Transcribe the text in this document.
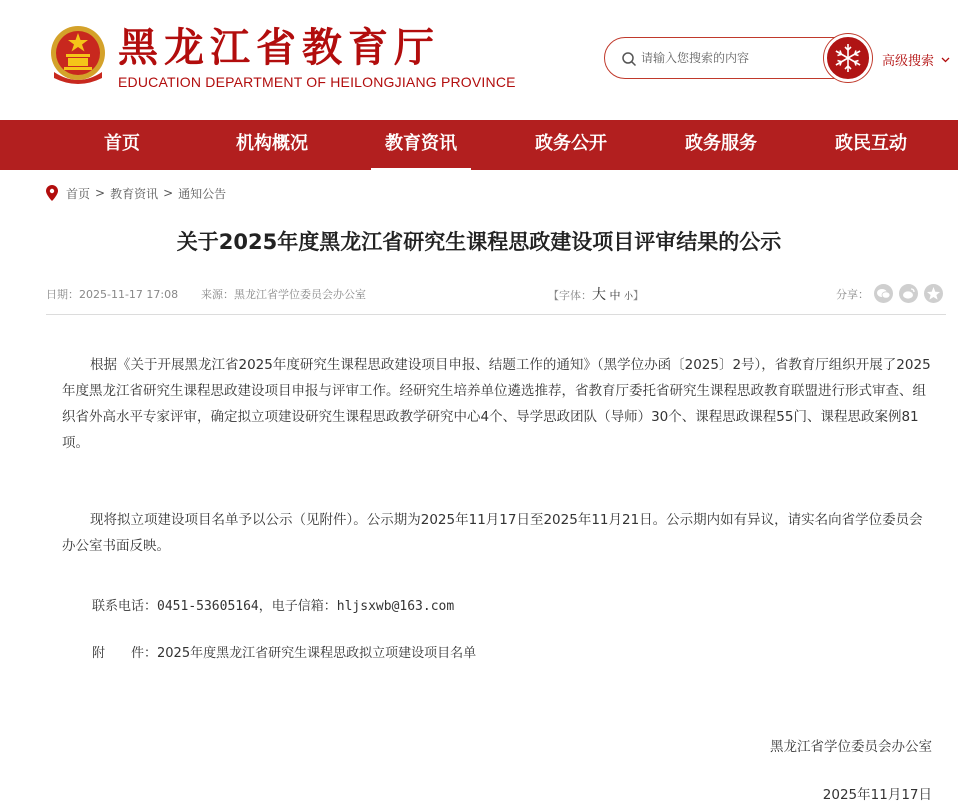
黑龙江省教育厅
EDUCATION DEPARTMENT OF HEILONGJIANG PROVINCE
请输入您搜索的内容
高级搜索
首页	机构概况	教育资讯	政务公开	政务服务	政民互动
首页 > 教育资讯 > 通知公告
关于2025年度黑龙江省研究生课程思政建设项目评审结果的公示
日期：2025-11-17 17:08 来源：黑龙江省学位委员会办公室	【字体：大 中 小】	分享：

根据《关于开展黑龙江省2025年度研究生课程思政建设项目申报、结题工作的通知》（黑学位办函〔2025〕2号），省教育厅组织开展了2025年度黑龙江省研究生课程思政建设项目申报与评审工作。经研究生培养单位遴选推荐，省教育厅委托省研究生课程思政教育联盟进行形式审查、组织省外高水平专家评审，确定拟立项建设研究生课程思政教学研究中心4个、导学思政团队（导师）30个、课程思政课程55门、课程思政案例81项。

现将拟立项建设项目名单予以公示（见附件）。公示期为2025年11月17日至2025年11月21日。公示期内如有异议，请实名向省学位委员会办公室书面反映。

联系电话：0451-53605164，电子信箱：hljsxwb@163.com
附　　件：2025年度黑龙江省研究生课程思政拟立项建设项目名单
黑龙江省学位委员会办公室
2025年11月17日
